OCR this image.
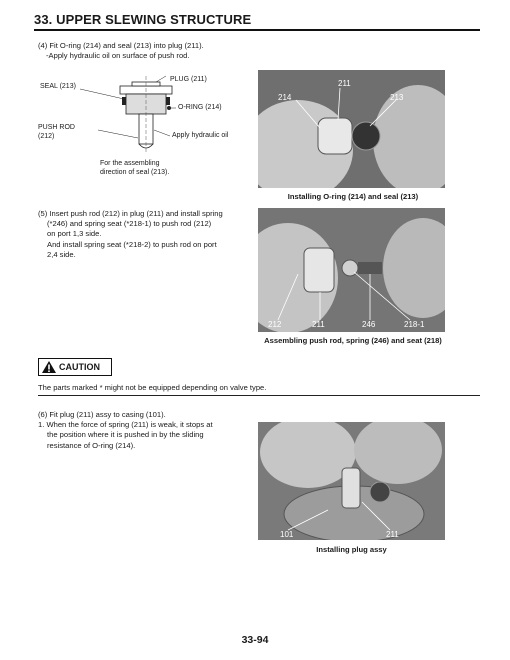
33. UPPER SLEWING STRUCTURE
(4) Fit O-ring (214) and seal (213) into plug (211).
-Apply hydraulic oil on surface of push rod.
PLUG (211)
SEAL (213)
O-RING (214)
PUSH ROD
(212)	Apply hydraulic oil
For the assembling
direction of seal (213).
211
214	213
Installing O-ring (214) and seal (213)
(5) Insert push rod (212) in plug (211) and install spring
(*246) and spring seat (*218-1) to push rod (212)
on port 1,3 side.
And install spring seat (*218-2) to push rod on port
2,4 side.
212	211	246	218-1
Assembling push rod, spring (246) and seat (218)
CAUTION
The parts marked * might not be equipped depending on valve type.
(6) Fit plug (211) assy to casing (101).
1. When the force of spring (211) is weak, it stops at
the position where it is pushed in by the sliding
resistance of O-ring (214).
101	211
Installing plug assy
33-94
